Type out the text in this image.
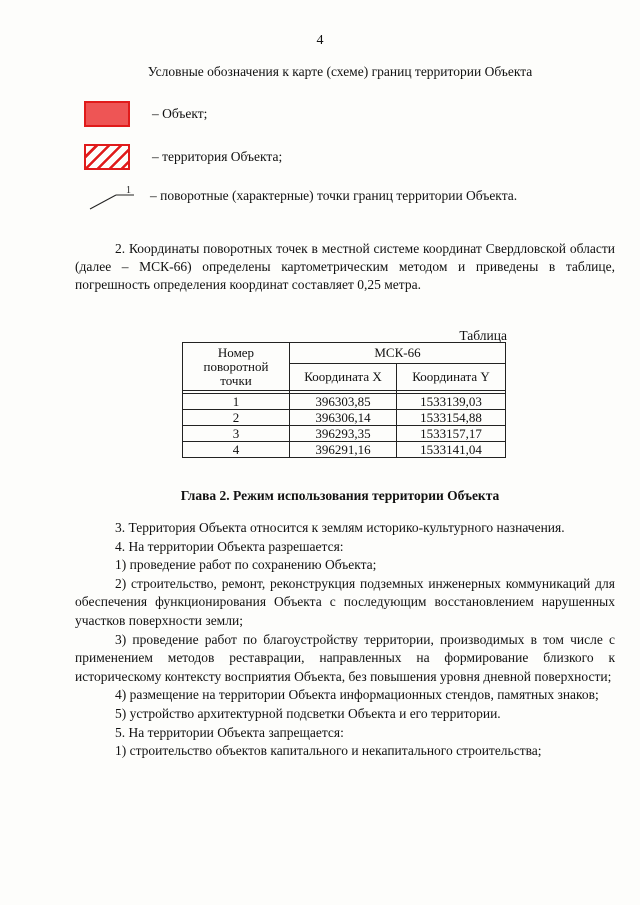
4
Условные обозначения к карте (схеме) границ территории Объекта
– Объект;
– территория Объекта;
1 – поворотные (характерные) точки границ территории Объекта.
2. Координаты поворотных точек в местной системе координат Свердловской области (далее – МСК-66) определены картометрическим методом и приведены в таблице, погрешность определения координат составляет 0,25 метра.
Таблица
Номер поворотной точки	МСК-66	
	Координата X	Координата Y

1	396303,85	1533139,03
2	396306,14	1533154,88
3	396293,35	1533157,17
4	396291,16	1533141,04
Глава 2. Режим использования территории Объекта

3. Территория Объекта относится к землям историко-культурного назначения.

4. На территории Объекта разрешается:

1) проведение работ по сохранению Объекта;

2) строительство, ремонт, реконструкция подземных инженерных коммуникаций для обеспечения функционирования Объекта с последующим восстановлением нарушенных участков поверхности земли;

3) проведение работ по благоустройству территории, производимых в том числе с применением методов реставрации, направленных на формирование близкого к историческому контексту восприятия Объекта, без повышения уровня дневной поверхности;

4) размещение на территории Объекта информационных стендов, памятных знаков;

5) устройство архитектурной подсветки Объекта и его территории.

5. На территории Объекта запрещается:

1) строительство объектов капитального и некапитального строительства;
